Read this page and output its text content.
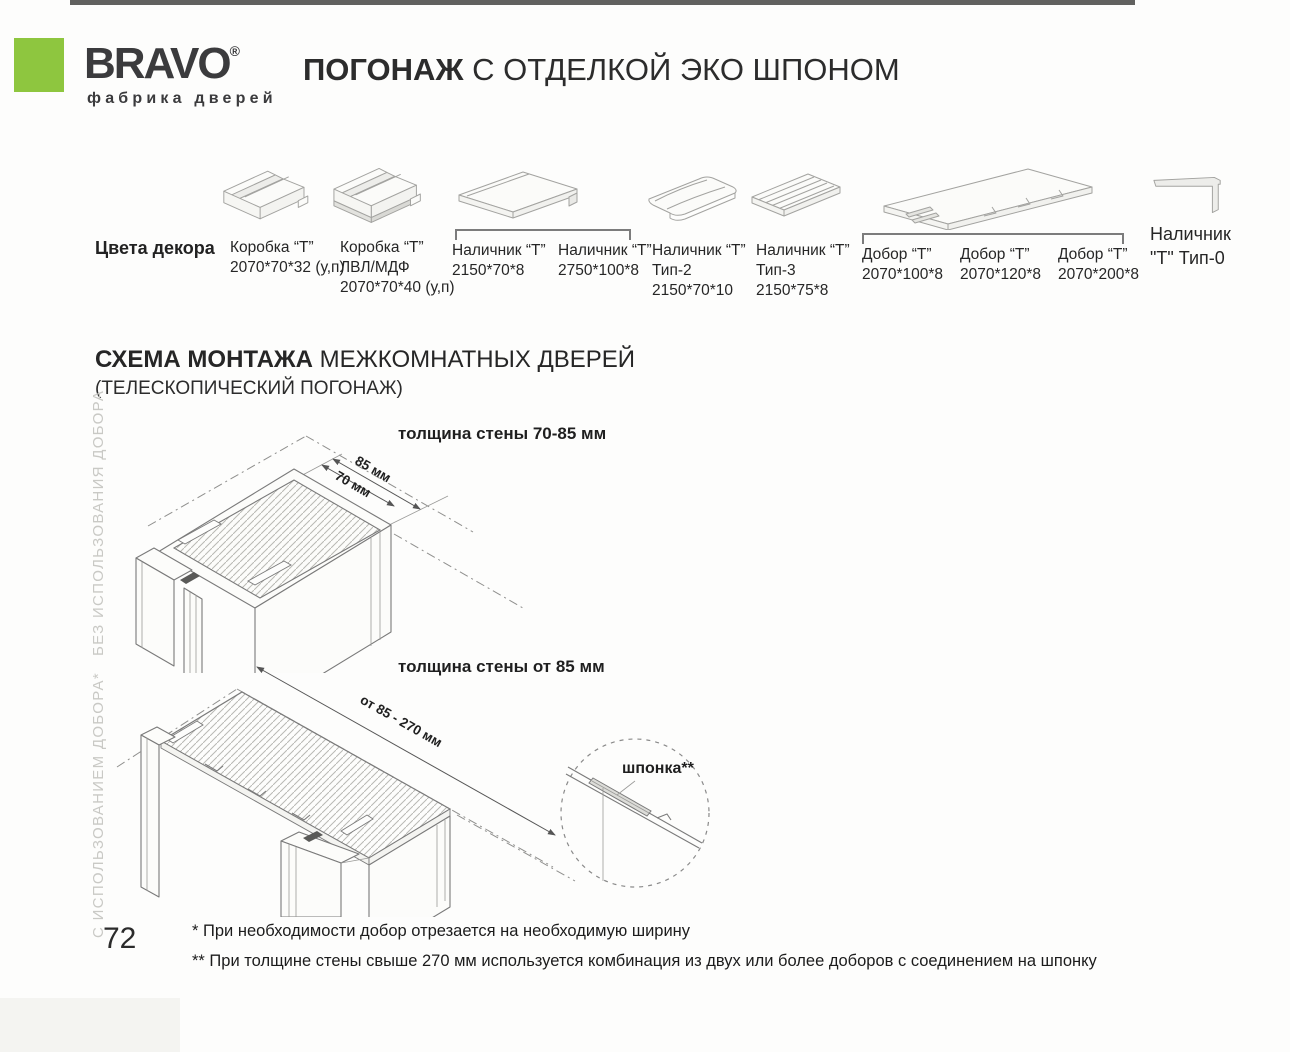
BRAVO®
фабрика дверей
ПОГОНАЖ С ОТДЕЛКОЙ ЭКО ШПОНОМ
Цвета декора Коробка “Т”
2070*70*32 (у,п)
Коробка “Т”
ЛВЛ/МДФ
2070*70*40 (у,п)
Наличник “Т”
2150*70*8
Наличник “Т”
2750*100*8
Наличник “Т”
Тип-2
2150*70*10
Наличник “Т”
Тип-3
2150*75*8
Добор “Т”
2070*100*8
Добор “Т”
2070*120*8
Добор “Т”
2070*200*8
Наличник
"Т" Тип-0
СХЕМА МОНТАЖА МЕЖКОМНАТНЫХ ДВЕРЕЙ
(ТЕЛЕСКОПИЧЕСКИЙ ПОГОНАЖ)
БЕЗ ИСПОЛЬЗОВАНИЯ ДОБОРА
С ИСПОЛЬЗОВАНИЕМ ДОБОРА*
толщина стены 70-85 мм
85 мм
70 мм
толщина стены от 85 мм
от 85 - 270 мм
шпонка**
72	* При необходимости добор отрезается на необходимую ширину
** При толщине стены свыше 270 мм используется комбинация из двух или более доборов с соединением на шпонку
